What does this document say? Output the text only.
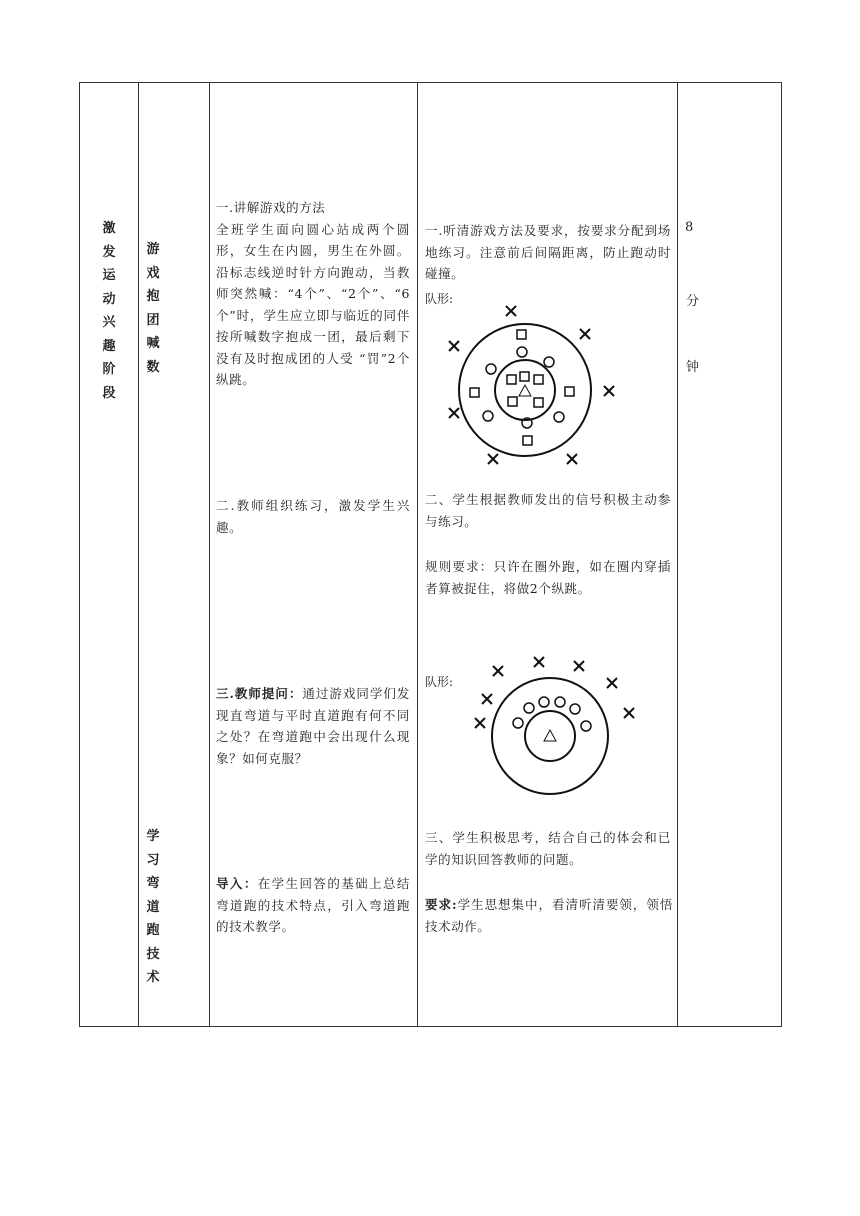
激
发
运
动
兴
趣
阶
段
游
戏
抱
团
喊
数
学
习
弯
道
跑
技
术
一.讲解游戏的方法
全班学生面向圆心站成两个圆形，女生在内圆，男生在外圆。沿标志线逆时针方向跑动，当教师突然喊：“4个”、“2个”、“6个”时，学生应立即与临近的同伴按所喊数字抱成一团，最后剩下没有及时抱成团的人受 “罚”2个纵跳。
二.教师组织练习，激发学生兴趣。
三.教师提问：通过游戏同学们发现直弯道与平时直道跑有何不同之处？在弯道跑中会出现什么现象？如何克服？
导入：在学生回答的基础上总结弯道跑的技术特点，引入弯道跑的技术教学。
一.听清游戏方法及要求，按要求分配到场地练习。注意前后间隔距离，防止跑动时碰撞。
队形:
二、学生根据教师发出的信号积极主动参与练习。
规则要求：只许在圈外跑，如在圈内穿插者算被捉住，将做2个纵跳。
队形:
三、学生积极思考，结合自己的体会和已学的知识回答教师的问题。
要求:学生思想集中，看清听清要领，领悟技术动作。
8
分
钟
